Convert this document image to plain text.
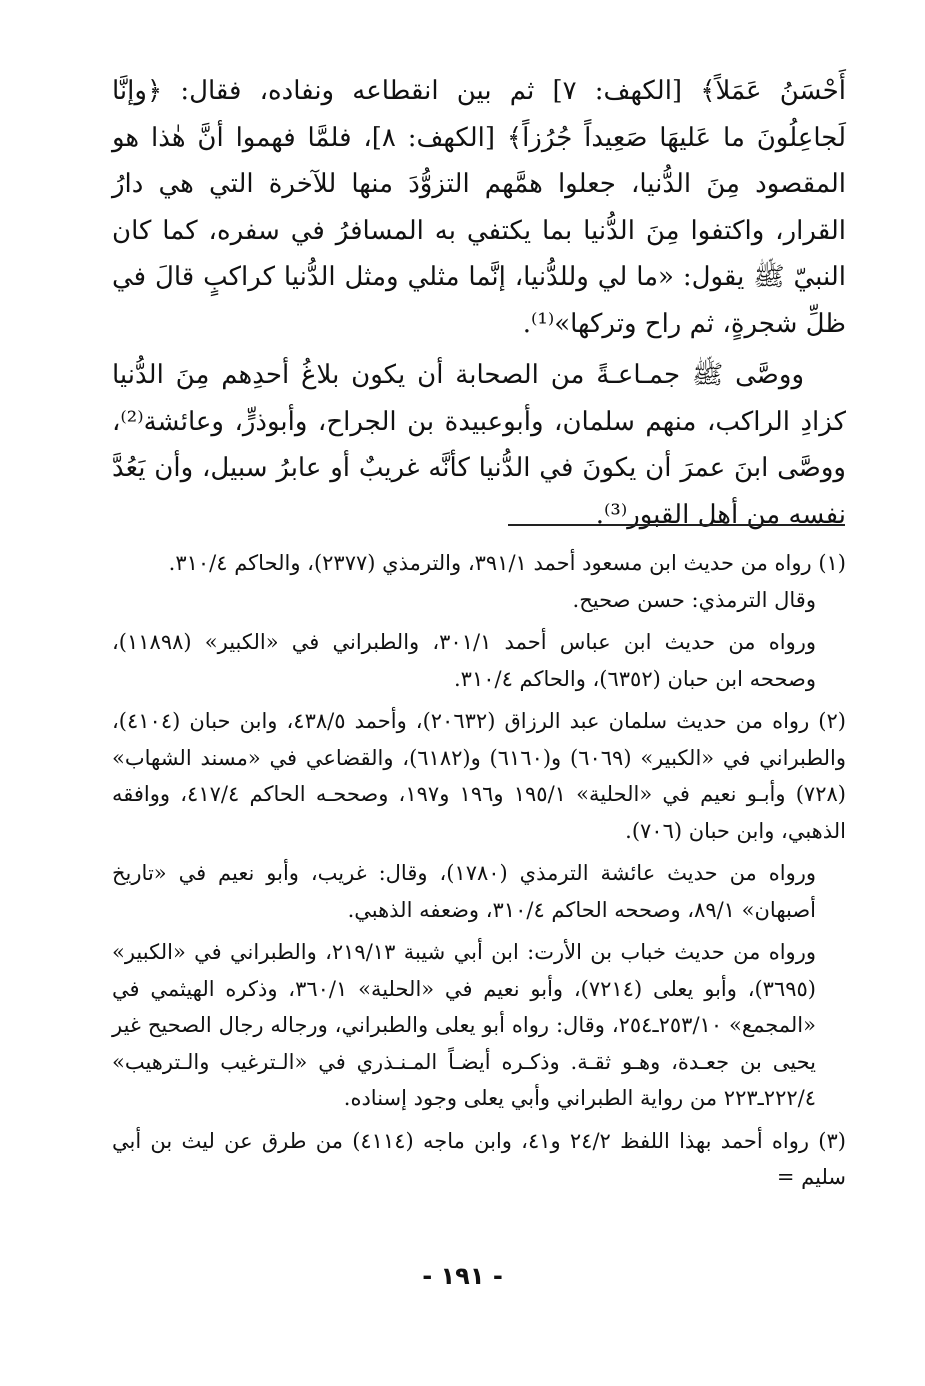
أَحْسَنُ عَمَلاً﴾ [الكهف: ٧] ثم بين انقطاعه ونفاده، فقال: ﴿وإنَّا لَجاعِلُونَ ما عَليهَا صَعِيداً جُرُزاً﴾ [الكهف: ٨]، فلمَّا فهموا أنَّ هٰذا هو المقصود مِنَ الدُّنيا، جعلوا همَّهم التزوُّدَ منها للآخرة التي هي دارُ القرار، واكتفوا مِنَ الدُّنيا بما يكتفي به المسافرُ في سفره، كما كان النبيّ ﷺ يقول: «ما لي وللدُّنيا، إنَّما مثلي ومثل الدُّنيا كراكبٍ قالَ في ظلِّ شجرةٍ، ثم راح وتركها»⁽¹⁾.

ووصَّى ﷺ جمـاعـةً من الصحابة أن يكون بلاغُ أحدِهم مِنَ الدُّنيا كزادِ الراكب، منهم سلمان، وأبوعبيدة بن الجراح، وأبوذرٍّ، وعائشة⁽²⁾، ووصَّى ابنَ عمرَ أن يكونَ في الدُّنيا كأنَّه غريبٌ أو عابرُ سبيل، وأن يَعُدَّ نفسه من أهل القبور⁽³⁾.

(١) رواه من حديث ابن مسعود أحمد ٣٩١/١، والترمذي (٢٣٧٧)، والحاكم ٣١٠/٤.

وقال الترمذي: حسن صحيح.

ورواه من حديث ابن عباس أحمد ٣٠١/١، والطبراني في «الكبير» (١١٨٩٨)، وصححه ابن حبان (٦٣٥٢)، والحاكم ٣١٠/٤.

(٢) رواه من حديث سلمان عبد الرزاق (٢٠٦٣٢)، وأحمد ٤٣٨/٥، وابن حبان (٤١٠٤)، والطبراني في «الكبير» (٦٠٦٩) و(٦١٦٠) و(٦١٨٢)، والقضاعي في «مسند الشهاب» (٧٢٨) وأبـو نعيم في «الحلية» ١٩٥/١ و١٩٦ و١٩٧، وصححـه الحاكم ٤١٧/٤، ووافقه الذهبي، وابن حبان (٧٠٦).

ورواه من حديث عائشة الترمذي (١٧٨٠)، وقال: غريب، وأبو نعيم في «تاريخ أصبهان» ٨٩/١، وصححه الحاكم ٣١٠/٤، وضعفه الذهبي.

ورواه من حديث خباب بن الأرت: ابن أبي شيبة ٢١٩/١٣، والطبراني في «الكبير» (٣٦٩٥)، وأبو يعلى (٧٢١٤)، وأبو نعيم في «الحلية» ٣٦٠/١، وذكره الهيثمي في «المجمع» ٢٥٣/١٠ـ٢٥٤، وقال: رواه أبو يعلى والطبراني، ورجاله رجال الصحيح غير يحيى بن جعـدة، وهـو ثقـة. وذكـره أيضـاً المـنـذري في «الـترغيب والـترهيب» ٢٢٢/٤ـ٢٢٣ من رواية الطبراني وأبي يعلى وجود إسناده.

(٣) رواه أحمد بهذا اللفظ ٢٤/٢ و٤١، وابن ماجه (٤١١٤) من طرق عن ليث بن أبي سليم =

- ١٩١ -
